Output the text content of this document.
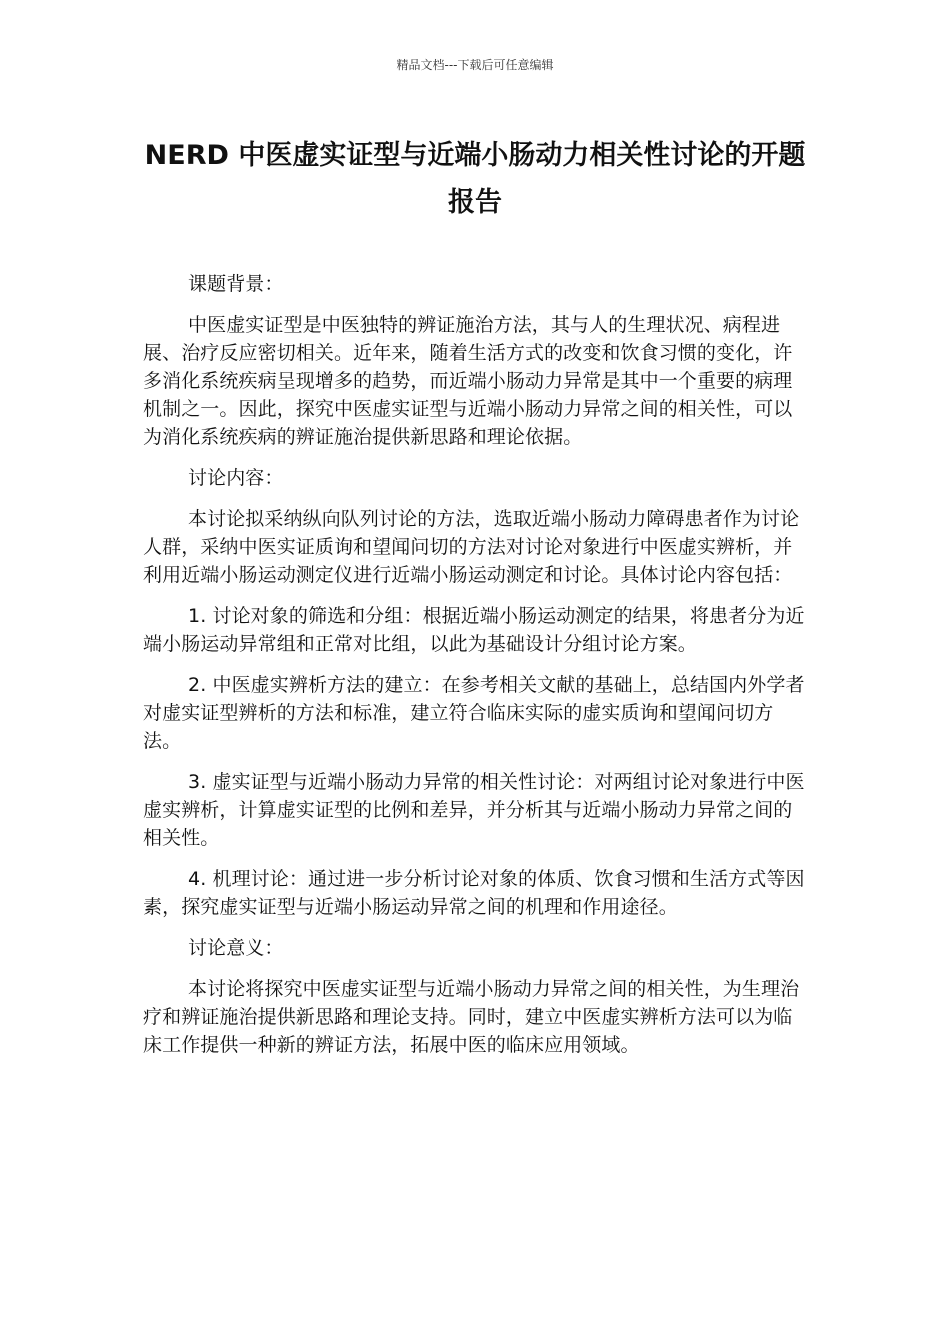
精品文档---下载后可任意编辑
NERD 中医虚实证型与近端小肠动力相关性讨论的开题报告

课题背景：

中医虚实证型是中医独特的辨证施治方法，其与人的生理状况、病程进展、治疗反应密切相关。近年来，随着生活方式的改变和饮食习惯的变化，许多消化系统疾病呈现增多的趋势，而近端小肠动力异常是其中一个重要的病理机制之一。因此，探究中医虚实证型与近端小肠动力异常之间的相关性，可以为消化系统疾病的辨证施治提供新思路和理论依据。

讨论内容：

本讨论拟采纳纵向队列讨论的方法，选取近端小肠动力障碍患者作为讨论人群，采纳中医实证质询和望闻问切的方法对讨论对象进行中医虚实辨析，并利用近端小肠运动测定仪进行近端小肠运动测定和讨论。具体讨论内容包括：

1. 讨论对象的筛选和分组：根据近端小肠运动测定的结果，将患者分为近端小肠运动异常组和正常对比组，以此为基础设计分组讨论方案。

2. 中医虚实辨析方法的建立：在参考相关文献的基础上，总结国内外学者对虚实证型辨析的方法和标准，建立符合临床实际的虚实质询和望闻问切方法。

3. 虚实证型与近端小肠动力异常的相关性讨论：对两组讨论对象进行中医虚实辨析，计算虚实证型的比例和差异，并分析其与近端小肠动力异常之间的相关性。

4. 机理讨论：通过进一步分析讨论对象的体质、饮食习惯和生活方式等因素，探究虚实证型与近端小肠运动异常之间的机理和作用途径。

讨论意义：

本讨论将探究中医虚实证型与近端小肠动力异常之间的相关性，为生理治疗和辨证施治提供新思路和理论支持。同时，建立中医虚实辨析方法可以为临床工作提供一种新的辨证方法，拓展中医的临床应用领域。
